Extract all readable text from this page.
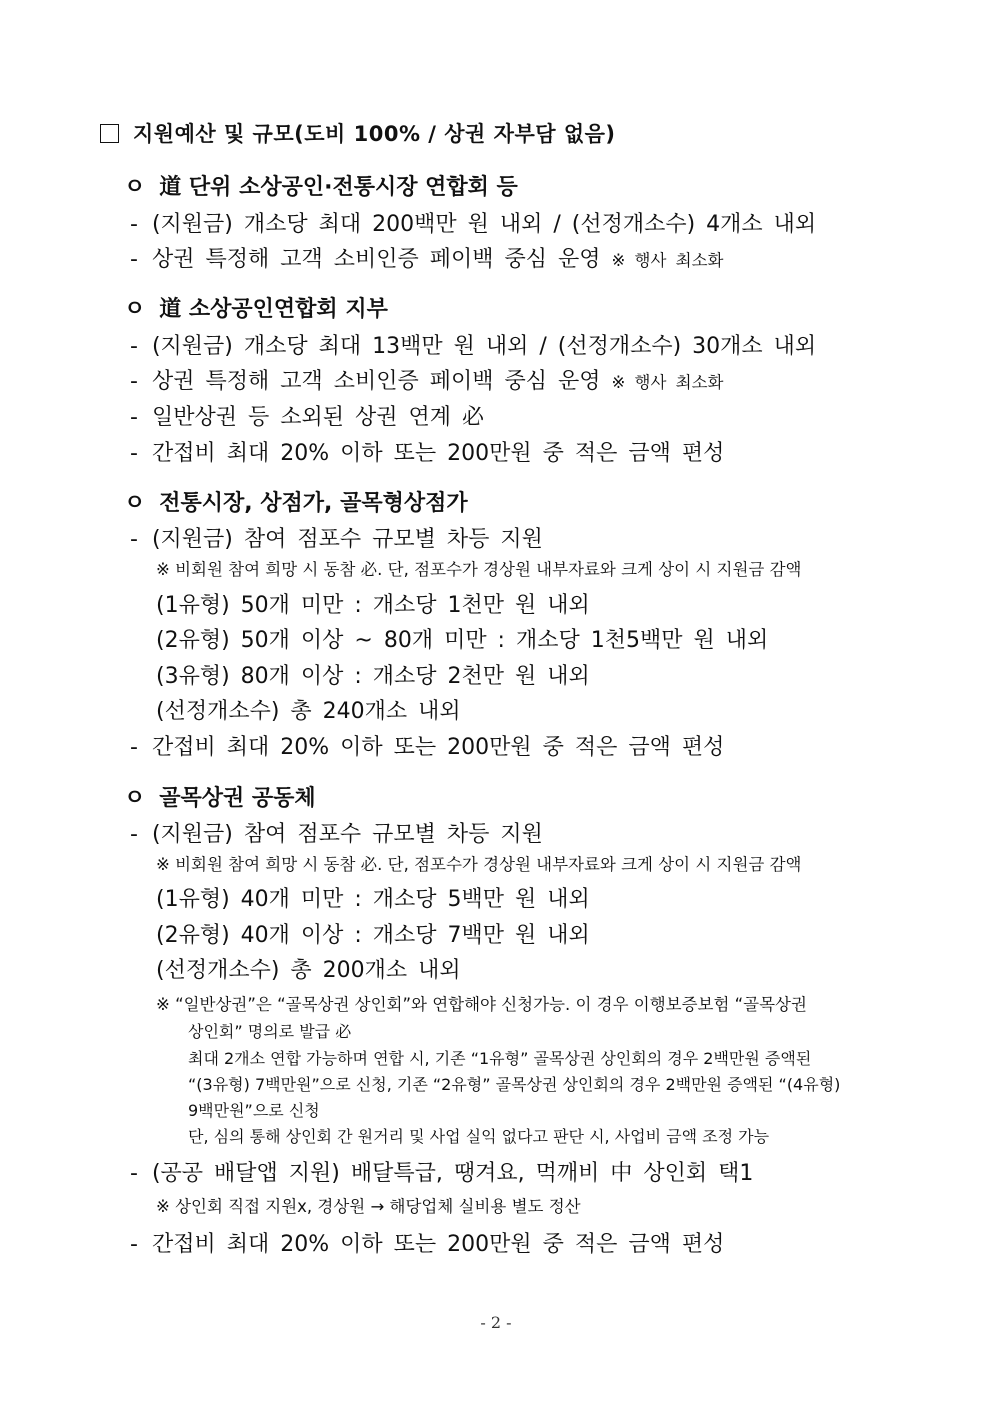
지원예산 및 규모(도비 100% / 상권 자부담 없음)
ㅇ 道 단위 소상공인·전통시장 연합회 등
- (지원금) 개소당 최대 200백만 원 내외 / (선정개소수) 4개소 내외
- 상권 특정해 고객 소비인증 페이백 중심 운영 ※ 행사 최소화
ㅇ 道 소상공인연합회 지부
- (지원금) 개소당 최대 13백만 원 내외 / (선정개소수) 30개소 내외
- 상권 특정해 고객 소비인증 페이백 중심 운영 ※ 행사 최소화
- 일반상권 등 소외된 상권 연계 必
- 간접비 최대 20% 이하 또는 200만원 중 적은 금액 편성
ㅇ 전통시장, 상점가, 골목형상점가
- (지원금) 참여 점포수 규모별 차등 지원
※ 비회원 참여 희망 시 동참 必. 단, 점포수가 경상원 내부자료와 크게 상이 시 지원금 감액
(1유형) 50개 미만 : 개소당 1천만 원 내외
(2유형) 50개 이상 ~ 80개 미만 : 개소당 1천5백만 원 내외
(3유형) 80개 이상 : 개소당 2천만 원 내외
(선정개소수) 총 240개소 내외
- 간접비 최대 20% 이하 또는 200만원 중 적은 금액 편성
ㅇ 골목상권 공동체
- (지원금) 참여 점포수 규모별 차등 지원
※ 비회원 참여 희망 시 동참 必. 단, 점포수가 경상원 내부자료와 크게 상이 시 지원금 감액
(1유형) 40개 미만 : 개소당 5백만 원 내외
(2유형) 40개 이상 : 개소당 7백만 원 내외
(선정개소수) 총 200개소 내외
※ “일반상권”은 “골목상권 상인회”와 연합해야 신청가능. 이 경우 이행보증보험 “골목상권
상인회” 명의로 발급 必
최대 2개소 연합 가능하며 연합 시, 기존 “1유형” 골목상권 상인회의 경우 2백만원 증액된
“(3유형) 7백만원”으로 신청, 기존 “2유형” 골목상권 상인회의 경우 2백만원 증액된 “(4유형)
9백만원”으로 신청
단, 심의 통해 상인회 간 원거리 및 사업 실익 없다고 판단 시, 사업비 금액 조정 가능
- (공공 배달앱 지원) 배달특급, 땡겨요, 먹깨비 中 상인회 택1
※ 상인회 직접 지원x, 경상원 → 해당업체 실비용 별도 정산
- 간접비 최대 20% 이하 또는 200만원 중 적은 금액 편성
- 2 -
